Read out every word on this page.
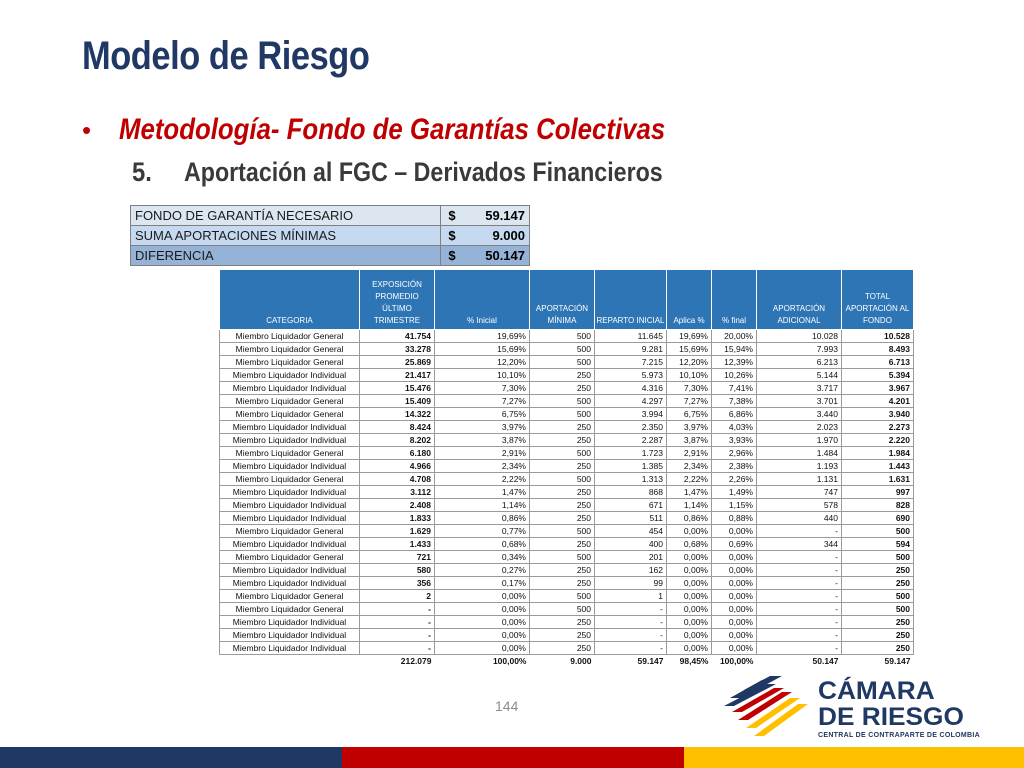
Modelo de Riesgo
• Metodología- Fondo de Garantías Colectivas
5. Aportación al FGC – Derivados Financieros
FONDO DE GARANTÍA NECESARIO	$	59.147
SUMA APORTACIONES MÍNIMAS	$	9.000
DIFERENCIA	$	50.147
CATEGORIA	EXPOSICIÓN PROMEDIO ÚLTIMO TRIMESTRE	% Inicial	APORTACIÓN MÍNIMA	REPARTO INICIAL	Aplica %	% final	APORTACIÓN ADICIONAL	TOTAL APORTACIÓN AL FONDO
Miembro Liquidador General	41.754	19,69%	500	11.645	19,69%	20,00%	10.028	10.528
Miembro Liquidador General	33.278	15,69%	500	9.281	15,69%	15,94%	7.993	8.493
Miembro Liquidador General	25.869	12,20%	500	7.215	12,20%	12,39%	6.213	6.713
Miembro Liquidador Individual	21.417	10,10%	250	5.973	10,10%	10,26%	5.144	5.394
Miembro Liquidador Individual	15.476	7,30%	250	4.316	7,30%	7,41%	3.717	3.967
Miembro Liquidador General	15.409	7,27%	500	4.297	7,27%	7,38%	3.701	4.201
Miembro Liquidador General	14.322	6,75%	500	3.994	6,75%	6,86%	3.440	3.940
Miembro Liquidador Individual	8.424	3,97%	250	2.350	3,97%	4,03%	2.023	2.273
Miembro Liquidador Individual	8.202	3,87%	250	2.287	3,87%	3,93%	1.970	2.220
Miembro Liquidador General	6.180	2,91%	500	1.723	2,91%	2,96%	1.484	1.984
Miembro Liquidador Individual	4.966	2,34%	250	1.385	2,34%	2,38%	1.193	1.443
Miembro Liquidador General	4.708	2,22%	500	1.313	2,22%	2,26%	1.131	1.631
Miembro Liquidador Individual	3.112	1,47%	250	868	1,47%	1,49%	747	997
Miembro Liquidador Individual	2.408	1,14%	250	671	1,14%	1,15%	578	828
Miembro Liquidador Individual	1.833	0,86%	250	511	0,86%	0,88%	440	690
Miembro Liquidador General	1.629	0,77%	500	454	0,00%	0,00%	-	500
Miembro Liquidador Individual	1.433	0,68%	250	400	0,68%	0,69%	344	594
Miembro Liquidador General	721	0,34%	500	201	0,00%	0,00%	-	500
Miembro Liquidador Individual	580	0,27%	250	162	0,00%	0,00%	-	250
Miembro Liquidador Individual	356	0,17%	250	99	0,00%	0,00%	-	250
Miembro Liquidador General	2	0,00%	500	1	0,00%	0,00%	-	500
Miembro Liquidador General	-	0,00%	500	-	0,00%	0,00%	-	500
Miembro Liquidador Individual	-	0,00%	250	-	0,00%	0,00%	-	250
Miembro Liquidador Individual	-	0,00%	250	-	0,00%	0,00%	-	250
Miembro Liquidador Individual	-	0,00%	250	-	0,00%	0,00%	-	250
	212.079	100,00%	9.000	59.147	98,45%	100,00%	50.147	59.147
144
CÁMARA
DE RIESGO
CENTRAL DE CONTRAPARTE DE COLOMBIA
